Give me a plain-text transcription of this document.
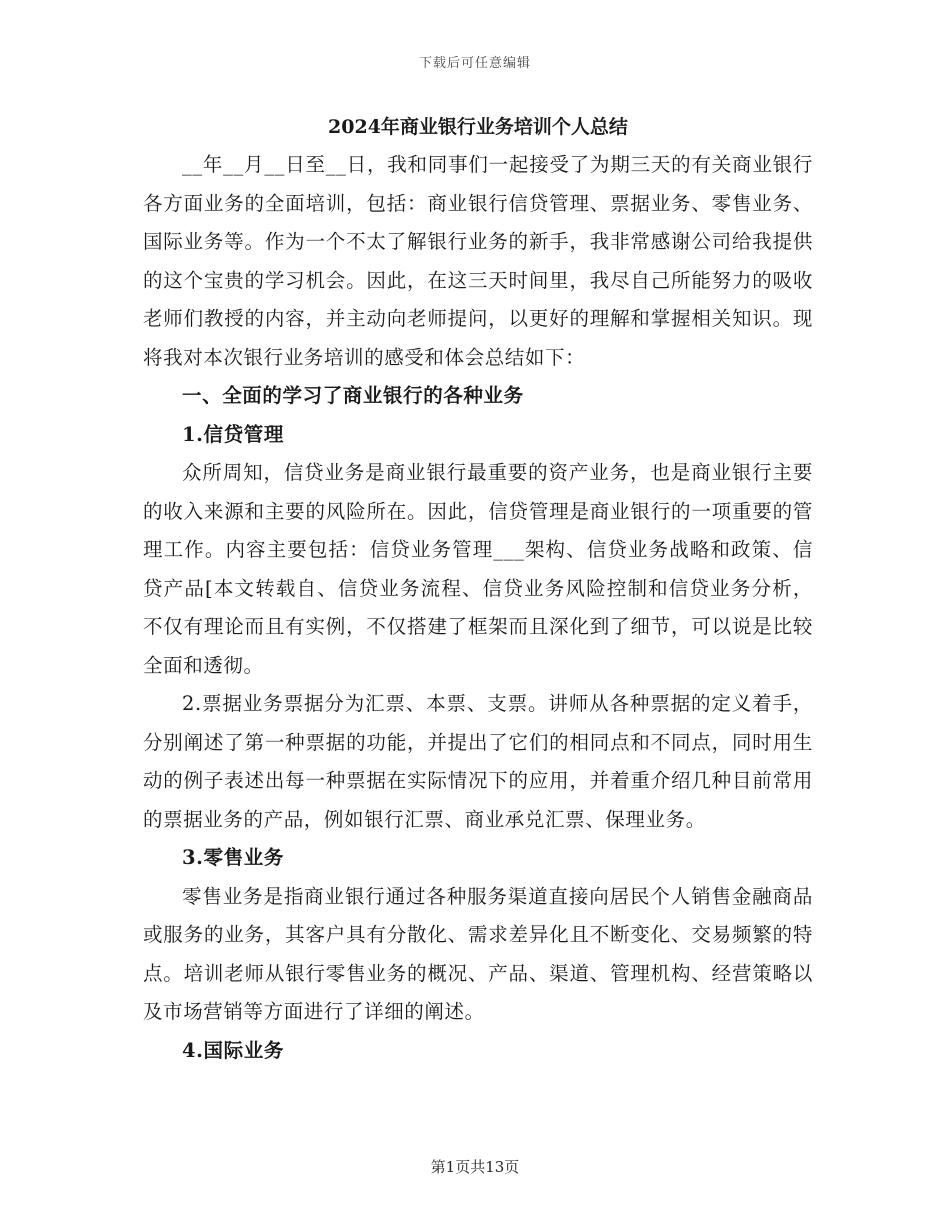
下载后可任意编辑
2024年商业银行业务培训个人总结

__年__月__日至__日，我和同事们一起接受了为期三天的有关商业银行各方面业务的全面培训，包括：商业银行信贷管理、票据业务、零售业务、国际业务等。作为一个不太了解银行业务的新手，我非常感谢公司给我提供的这个宝贵的学习机会。因此，在这三天时间里，我尽自己所能努力的吸收老师们教授的内容，并主动向老师提问，以更好的理解和掌握相关知识。现将我对本次银行业务培训的感受和体会总结如下：

一、全面的学习了商业银行的各种业务

1.信贷管理

众所周知，信贷业务是商业银行最重要的资产业务，也是商业银行主要的收入来源和主要的风险所在。因此，信贷管理是商业银行的一项重要的管理工作。内容主要包括：信贷业务管理___架构、信贷业务战略和政策、信贷产品[本文转载自、信贷业务流程、信贷业务风险控制和信贷业务分析，不仅有理论而且有实例，不仅搭建了框架而且深化到了细节，可以说是比较全面和透彻。

2.票据业务票据分为汇票、本票、支票。讲师从各种票据的定义着手，分别阐述了第一种票据的功能，并提出了它们的相同点和不同点，同时用生动的例子表述出每一种票据在实际情况下的应用，并着重介绍几种目前常用的票据业务的产品，例如银行汇票、商业承兑汇票、保理业务。

3.零售业务

零售业务是指商业银行通过各种服务渠道直接向居民个人销售金融商品或服务的业务，其客户具有分散化、需求差异化且不断变化、交易频繁的特点。培训老师从银行零售业务的概况、产品、渠道、管理机构、经营策略以及市场营销等方面进行了详细的阐述。

4.国际业务

第1页共13页
